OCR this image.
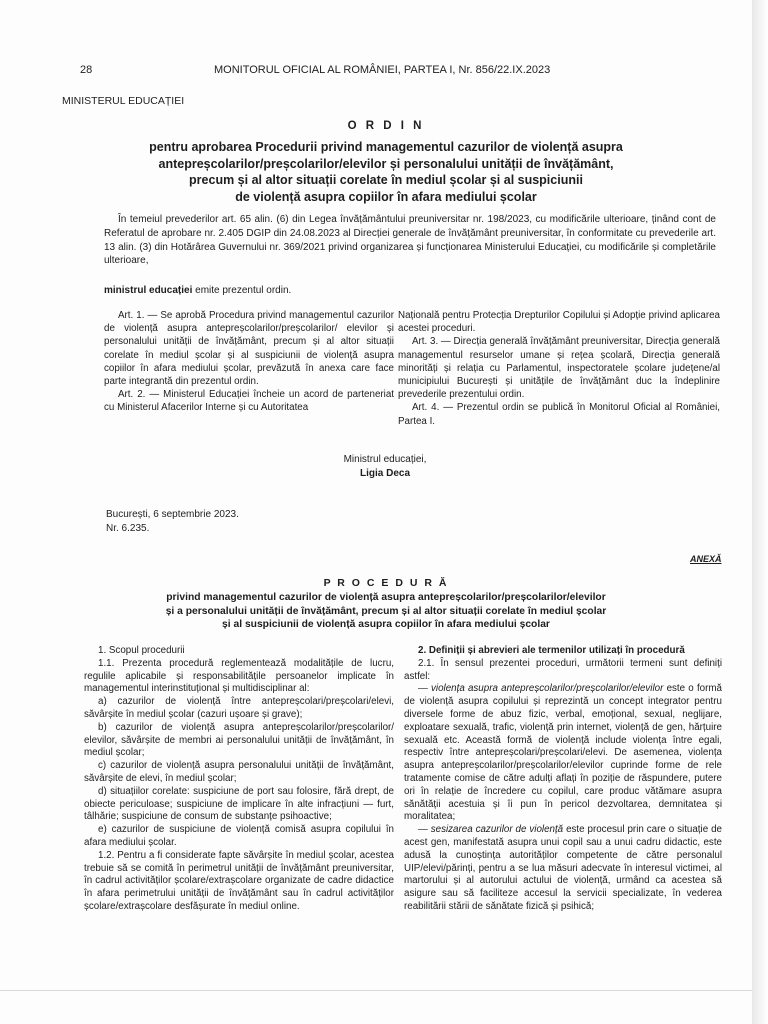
28	MONITORUL OFICIAL AL ROMÂNIEI, PARTEA I, Nr. 856/22.IX.2023
MINISTERUL EDUCAȚIEI
O R D I N
pentru aprobarea Procedurii privind managementul cazurilor de violență asupra
antepreșcolarilor/preșcolarilor/elevilor și personalului unității de învățământ,
precum și al altor situații corelate în mediul școlar și al suspiciunii
de violență asupra copiilor în afara mediului școlar

În temeiul prevederilor art. 65 alin. (6) din Legea învățământului preuniversitar nr. 198/2023, cu modificările ulterioare, ținând cont de Referatul de aprobare nr. 2.405 DGIP din 24.08.2023 al Direcției generale de învățământ preuniversitar, în conformitate cu prevederile art. 13 alin. (3) din Hotărârea Guvernului nr. 369/2021 privind organizarea și funcționarea Ministerului Educației, cu modificările și completările ulterioare,

ministrul educației emite prezentul ordin.

Art. 1. — Se aprobă Procedura privind managementul cazurilor de violență asupra antepreșcolarilor/preșcolarilor/ elevilor și personalului unității de învățământ, precum și al altor situații corelate în mediul școlar și al suspiciunii de violență asupra copiilor în afara mediului școlar, prevăzută în anexa care face parte integrantă din prezentul ordin.

Art. 2. — Ministerul Educației încheie un acord de parteneriat cu Ministerul Afacerilor Interne și cu Autoritatea

Națională pentru Protecția Drepturilor Copilului și Adopție privind aplicarea acestei proceduri.

Art. 3. — Direcția generală învățământ preuniversitar, Direcția generală managementul resurselor umane și rețea școlară, Direcția generală minorități și relația cu Parlamentul, inspectoratele școlare județene/al municipiului București și unitățile de învățământ duc la îndeplinire prevederile prezentului ordin.

Art. 4. — Prezentul ordin se publică în Monitorul Oficial al României, Partea I.

Ministrul educației,
Ligia Deca
București, 6 septembrie 2023.
Nr. 6.235.
ANEXĂ
P R O C E D U R Ă
privind managementul cazurilor de violență asupra antepreșcolarilor/preșcolarilor/elevilor
și a personalului unității de învățământ, precum și al altor situații corelate în mediul școlar
și al suspiciunii de violență asupra copiilor în afara mediului școlar

1. Scopul procedurii

1.1. Prezenta procedură reglementează modalitățile de lucru, regulile aplicabile și responsabilitățile persoanelor implicate în managementul interinstituțional și multidisciplinar al:

a) cazurilor de violență între antepreșcolari/preșcolari/elevi, săvârșite în mediul școlar (cazuri ușoare și grave);

b) cazurilor de violență asupra antepreșcolarilor/preșcolarilor/ elevilor, săvârșite de membri ai personalului unității de învățământ, în mediul școlar;

c) cazurilor de violență asupra personalului unității de învățământ, săvârșite de elevi, în mediul școlar;

d) situațiilor corelate: suspiciune de port sau folosire, fără drept, de obiecte periculoase; suspiciune de implicare în alte infracțiuni — furt, tâlhărie; suspiciune de consum de substanțe psihoactive;

e) cazurilor de suspiciune de violență comisă asupra copilului în afara mediului școlar.

1.2. Pentru a fi considerate fapte săvârșite în mediul școlar, acestea trebuie să se comită în perimetrul unității de învățământ preuniversitar, în cadrul activităților școlare/extrașcolare organizate de cadre didactice în afara perimetrului unității de învățământ sau în cadrul activităților școlare/extrașcolare desfășurate în mediul online.

2. Definiții și abrevieri ale termenilor utilizați în procedură

2.1. În sensul prezentei proceduri, următorii termeni sunt definiți astfel:

— violența asupra antepreșcolarilor/preșcolarilor/elevilor este o formă de violență asupra copilului și reprezintă un concept integrator pentru diversele forme de abuz fizic, verbal, emoțional, sexual, neglijare, exploatare sexuală, trafic, violență prin internet, violență de gen, hărțuire sexuală etc. Această formă de violență include violența între egali, respectiv între antepreșcolari/preșcolari/elevi. De asemenea, violența asupra antepreșcolarilor/preșcolarilor/elevilor cuprinde forme de rele tratamente comise de către adulți aflați în poziție de răspundere, putere ori în relație de încredere cu copilul, care produc vătămare asupra sănătății acestuia și îi pun în pericol dezvoltarea, demnitatea și moralitatea;

— sesizarea cazurilor de violență este procesul prin care o situație de acest gen, manifestată asupra unui copil sau a unui cadru didactic, este adusă la cunoștința autorităților competente de către personalul UIP/elevi/părinți, pentru a se lua măsuri adecvate în interesul victimei, al martorului și al autorului actului de violență, urmând ca acestea să asigure sau să faciliteze accesul la servicii specializate, în vederea reabilitării stării de sănătate fizică și psihică;
